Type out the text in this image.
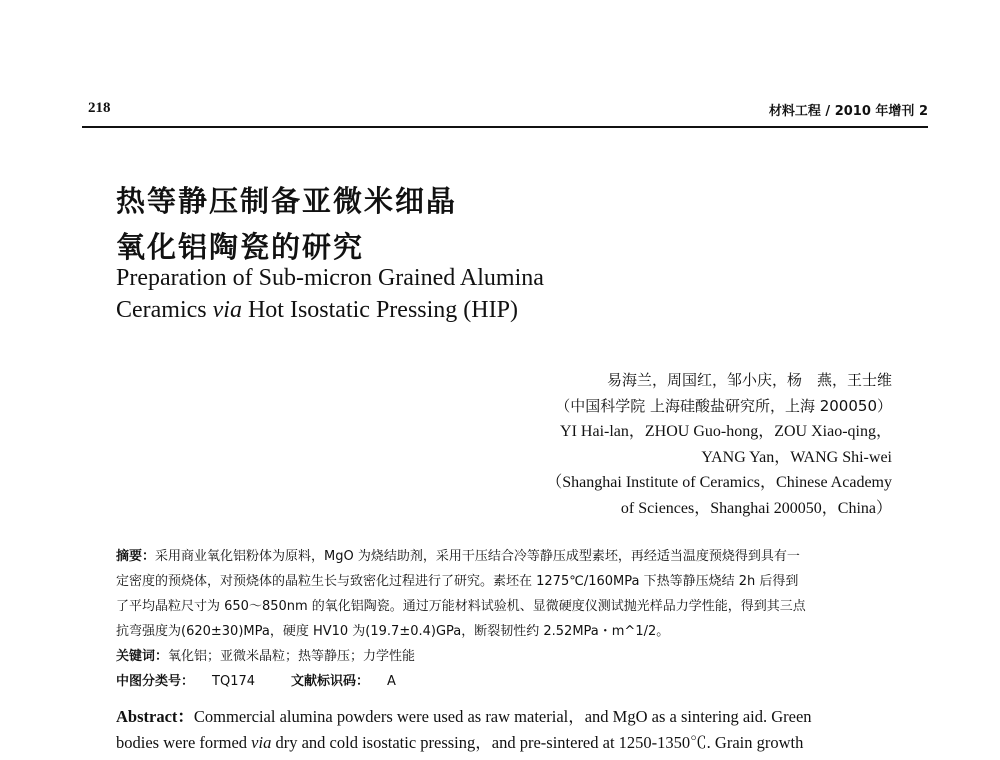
218	材料工程 / 2010 年增刊 2
热等静压制备亚微米细晶
氧化铝陶瓷的研究
Preparation of Sub-micron Grained Alumina
Ceramics via Hot Isostatic Pressing (HIP)
易海兰，周国红，邹小庆，杨　燕，王士维
（中国科学院 上海硅酸盐研究所，上海 200050）
YI Hai-lan，ZHOU Guo-hong，ZOU Xiao-qing，
YANG Yan，WANG Shi-wei
（Shanghai Institute of Ceramics，Chinese Academy
of Sciences，Shanghai 200050，China）
摘要：采用商业氧化铝粉体为原料，MgO 为烧结助剂，采用干压结合冷等静压成型素坯，再经适当温度预烧得到具有一
定密度的预烧体，对预烧体的晶粒生长与致密化过程进行了研究。素坯在 1275℃/160MPa 下热等静压烧结 2h 后得到
了平均晶粒尺寸为 650～850nm 的氧化铝陶瓷。通过万能材料试验机、显微硬度仪测试抛光样品力学性能，得到其三点
抗弯强度为(620±30)MPa，硬度 HV10 为(19.7±0.4)GPa，断裂韧性约 2.52MPa・m^1/2。
关键词：氧化铝；亚微米晶粒；热等静压；力学性能
中图分类号： TQ174	文献标识码： A
Abstract：Commercial alumina powders were used as raw material，and MgO as a sintering aid. Green
bodies were formed via dry and cold isostatic pressing，and pre-sintered at 1250-1350℃. Grain growth
